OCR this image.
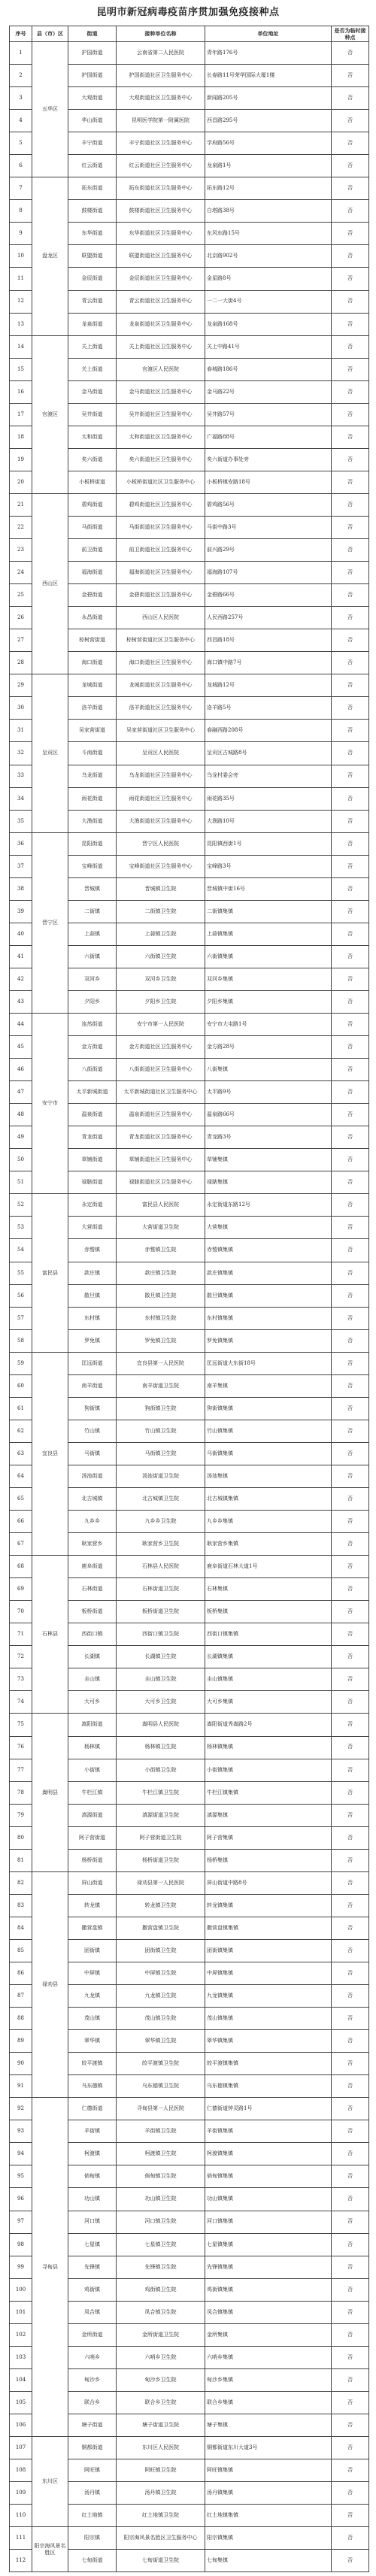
昆明市新冠病毒疫苗序贯加强免疫接种点
序号	县（市）区	街道	接种单位名称	单位地址	是否为临时接种点
1	五华区	护国街道	云南省第二人民医院	青年路176号	否
2		护国街道	护国街道社区卫生服务中心	长春路11号荣华国际大厦1楼	否
3		大观街道	大观街道社区卫生服务中心	新闻路205号	否
4		华山街道	昆明医学院第一附属医院	西昌路295号	否
5		丰宁街道	丰宁街道社区卫生服务中心	学府路56号	否
6		红云街道	红云街道社区卫生服务中心	龙泉路1号	否
7	盘龙区	拓东街道	拓东街道社区卫生服务中心	拓东路12号	否
8		鼓楼街道	鼓楼街道社区卫生服务中心	白塔路38号	否
9		东华街道	东华街道社区卫生服务中心	东风东路15号	否
10		联盟街道	联盟街道社区卫生服务中心	北京路902号	否
11		金辰街道	金辰街道社区卫生服务中心	金星路8号	否
12		青云街道	青云街道社区卫生服务中心	一二一大街4号	否
13		龙泉街道	龙泉街道社区卫生服务中心	龙泉路168号	否
14	官渡区	关上街道	关上街道社区卫生服务中心	关上中路41号	否
15		关上街道	官渡区人民医院	春城路186号	否
16		金马街道	金马街道社区卫生服务中心	金马路22号	否
17		吴井街道	吴井街道社区卫生服务中心	吴井路57号	否
18		太和街道	太和街道社区卫生服务中心	广福路88号	否
19		矣六街道	矣六街道社区卫生服务中心	矣六街道办事处旁	否
20		小板桥街道	小板桥街道社区卫生服务中心	小板桥镇安路18号	否
21	西山区	碧鸡街道	碧鸡街道社区卫生服务中心	碧鸡路56号	否
22		马街街道	马街街道社区卫生服务中心	马街中路3号	否
23		前卫街道	前卫街道社区卫生服务中心	前兴路29号	否
24		福海街道	福海街道社区卫生服务中心	福海路107号	否
25		金碧街道	金碧街道社区卫生服务中心	金碧路66号	否
26		永昌街道	西山区人民医院	人民西路257号	否
27		棕树营街道	棕树营街道社区卫生服务中心	西昌路18号	否
28		海口街道	海口街道社区卫生服务中心	海口镇中路7号	否
29	呈贡区	龙城街道	龙城街道社区卫生服务中心	龙城路12号	否
30		洛羊街道	洛羊街道社区卫生服务中心	洛羊路5号	否
31		吴家营街道	吴家营街道社区卫生服务中心	春融西路208号	否
32		斗南街道	呈贡区人民医院	呈贡区古城路8号	否
33		乌龙街道	乌龙街道社区卫生服务中心	乌龙村委会旁	否
34		雨花街道	雨花街道社区卫生服务中心	雨花路35号	否
35		大渔街道	大渔街道社区卫生服务中心	大渔路10号	否
36	晋宁区	昆阳街道	晋宁区人民医院	昆阳镇西街1号	否
37		宝峰街道	宝峰街道社区卫生服务中心	宝峰路3号	否
38		晋城镇	晋城镇卫生院	晋城镇中街16号	否
39		二街镇	二街镇卫生院	二街镇集镇	否
40		上蒜镇	上蒜镇卫生院	上蒜镇集镇	否
41		六街镇	六街镇卫生院	六街镇集镇	否
42		双河乡	双河乡卫生院	双河乡集镇	否
43		夕阳乡	夕阳乡卫生院	夕阳乡集镇	否
44	安宁市	连然街道	安宁市第一人民医院	安宁市大屯路1号	否
45		金方街道	金方街道社区卫生服务中心	金方路28号	否
46		八街街道	八街街道社区卫生服务中心	八街集镇	否
47		太平新城街道	太平新城街道社区卫生服务中心	太平路9号	否
48		温泉街道	温泉街道社区卫生服务中心	温泉路66号	否
49		青龙街道	青龙街道社区卫生服务中心	青龙路3号	否
50		草铺街道	草铺街道社区卫生服务中心	草铺集镇	否
51		禄脿街道	禄脿街道社区卫生服务中心	禄脿集镇	否
52	富民县	永定街道	富民县人民医院	永定街道东路12号	否
53		大营街道	大营街道卫生院	大营集镇	否
54		赤鹫镇	赤鹫镇卫生院	赤鹫镇集镇	否
55		款庄镇	款庄镇卫生院	款庄镇集镇	否
56		散旦镇	散旦镇卫生院	散旦镇集镇	否
57		东村镇	东村镇卫生院	东村镇集镇	否
58		罗免镇	罗免镇卫生院	罗免镇集镇	否
59	宜良县	匡远街道	宜良县第一人民医院	匡远街道大东街18号	否
60		南羊街道	南羊街道卫生院	南羊集镇	否
61		狗街镇	狗街镇卫生院	狗街镇集镇	否
62		竹山镇	竹山镇卫生院	竹山镇集镇	否
63		马街镇	马街镇卫生院	马街镇集镇	否
64		汤池街道	汤池街道卫生院	汤池集镇	否
65		北古城镇	北古城镇卫生院	北古城镇集镇	否
66		九乡乡	九乡乡卫生院	九乡乡集镇	否
67		耿家营乡	耿家营乡卫生院	耿家营乡集镇	否
68	石林县	鹿阜街道	石林县人民医院	鹿阜街道石林大道1号	否
69		石林街道	石林街道卫生院	石林集镇	否
70		板桥街道	板桥街道卫生院	板桥集镇	否
71		西街口镇	西街口镇卫生院	西街口镇集镇	否
72		长湖镇	长湖镇卫生院	长湖镇集镇	否
73		圭山镇	圭山镇卫生院	圭山镇集镇	否
74		大可乡	大可乡卫生院	大可乡集镇	否
75	嵩明县	嵩阳街道	嵩明县人民医院	嵩阳街道秀嵩路2号	否
76		杨林镇	杨林镇卫生院	杨林镇集镇	否
77		小街镇	小街镇卫生院	小街镇集镇	否
78		牛栏江镇	牛栏江镇卫生院	牛栏江镇集镇	否
79		滇源街道	滇源街道卫生院	滇源集镇	否
80		阿子营街道	阿子营街道卫生院	阿子营集镇	否
81		杨桥街道	杨桥街道卫生院	杨桥集镇	否
82	禄劝县	屏山街道	禄劝县第一人民医院	屏山街道中路8号	否
83		转龙镇	转龙镇卫生院	转龙镇集镇	否
84		撒营盘镇	撒营盘镇卫生院	撒营盘镇集镇	否
85		团街镇	团街镇卫生院	团街镇集镇	否
86		中屏镇	中屏镇卫生院	中屏镇集镇	否
87		九龙镇	九龙镇卫生院	九龙镇集镇	否
88		茂山镇	茂山镇卫生院	茂山镇集镇	否
89		翠华镇	翠华镇卫生院	翠华镇集镇	否
90		皎平渡镇	皎平渡镇卫生院	皎平渡镇集镇	否
91		乌东德镇	乌东德镇卫生院	乌东德镇集镇	否
92	寻甸县	仁德街道	寻甸县第一人民医院	仁德街道钟灵路1号	否
93		羊街镇	羊街镇卫生院	羊街镇集镇	否
94		柯渡镇	柯渡镇卫生院	柯渡镇集镇	否
95		倘甸镇	倘甸镇卫生院	倘甸镇集镇	否
96		功山镇	功山镇卫生院	功山镇集镇	否
97		河口镇	河口镇卫生院	河口镇集镇	否
98		七星镇	七星镇卫生院	七星镇集镇	否
99		先锋镇	先锋镇卫生院	先锋镇集镇	否
100		鸡街镇	鸡街镇卫生院	鸡街镇集镇	否
101		凤合镇	凤合镇卫生院	凤合镇集镇	否
102		金所街道	金所街道卫生院	金所集镇	否
103		六哨乡	六哨乡卫生院	六哨乡集镇	否
104		甸沙乡	甸沙乡卫生院	甸沙乡集镇	否
105		联合乡	联合乡卫生院	联合乡集镇	否
106		塘子街道	塘子街道卫生院	塘子集镇	否
107	东川区	铜都街道	东川区人民医院	铜都街道东川大道3号	否
108		阿旺镇	阿旺镇卫生院	阿旺镇集镇	否
109		汤丹镇	汤丹镇卫生院	汤丹镇集镇	否
110		红土地镇	红土地镇卫生院	红土地镇集镇	否
111	阳宗海风景名胜区	阳宗镇	阳宗海风景名胜区卫生服务中心	阳宗镇集镇	否
112		七甸街道	七甸街道卫生院	七甸集镇	否
